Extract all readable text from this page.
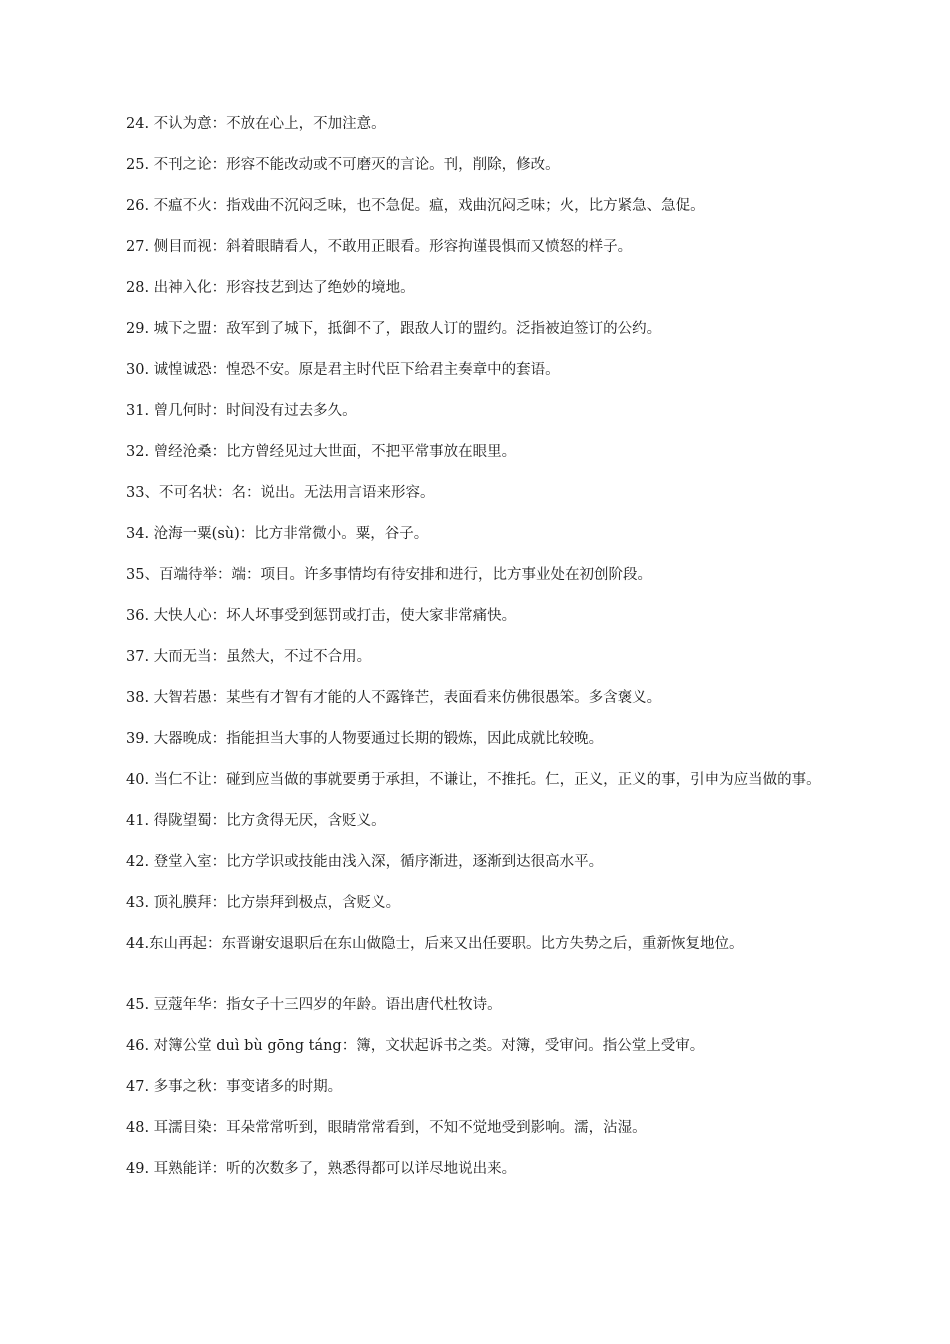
24. 不认为意：不放在心上，不加注意。
25. 不刊之论：形容不能改动或不可磨灭的言论。刊，削除，修改。
26. 不瘟不火：指戏曲不沉闷乏味，也不急促。瘟，戏曲沉闷乏味；火，比方紧急、急促。
27. 侧目而视：斜着眼睛看人，不敢用正眼看。形容拘谨畏惧而又愤怒的样子。
28. 出神入化：形容技艺到达了绝妙的境地。
29. 城下之盟：敌军到了城下，抵御不了，跟敌人订的盟约。泛指被迫签订的公约。
30. 诚惶诚恐：惶恐不安。原是君主时代臣下给君主奏章中的套语。
31. 曾几何时：时间没有过去多久。
32. 曾经沧桑：比方曾经见过大世面，不把平常事放在眼里。
33、不可名状：名：说出。无法用言语来形容。
34. 沧海一粟(sù)：比方非常微小。粟，谷子。
35、百端待举：端：项目。许多事情均有待安排和进行，比方事业处在初创阶段。
36. 大快人心：坏人坏事受到惩罚或打击，使大家非常痛快。
37. 大而无当：虽然大，不过不合用。
38. 大智若愚：某些有才智有才能的人不露锋芒，表面看来仿佛很愚笨。多含褒义。
39. 大器晚成：指能担当大事的人物要通过长期的锻炼，因此成就比较晚。
40. 当仁不让：碰到应当做的事就要勇于承担，不谦让，不推托。仁，正义，正义的事，引申为应当做的事。
41. 得陇望蜀：比方贪得无厌，含贬义。
42. 登堂入室：比方学识或技能由浅入深，循序渐进，逐渐到达很高水平。
43. 顶礼膜拜：比方崇拜到极点，含贬义。
44.东山再起：东晋谢安退职后在东山做隐士，后来又出任要职。比方失势之后，重新恢复地位。
45. 豆蔻年华：指女子十三四岁的年龄。语出唐代杜牧诗。
46. 对簿公堂 duì bù gōng táng：簿，文状起诉书之类。对簿，受审问。指公堂上受审。
47. 多事之秋：事变诸多的时期。
48. 耳濡目染：耳朵常常听到，眼睛常常看到，不知不觉地受到影响。濡，沾湿。
49. 耳熟能详：听的次数多了，熟悉得都可以详尽地说出来。
